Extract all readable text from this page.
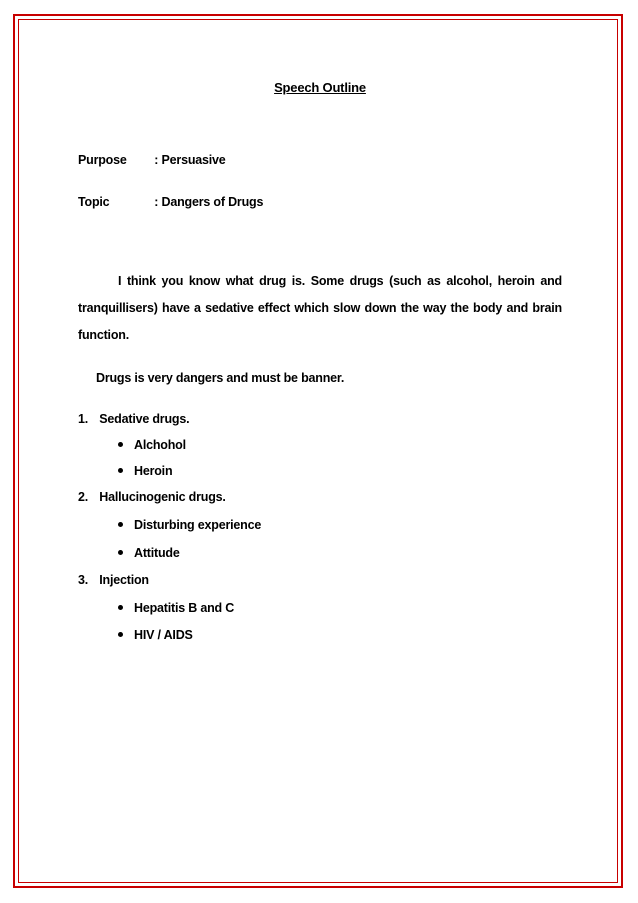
Speech Outline
Purpose : Persuasive
Topic	: Dangers of Drugs

I think you know what drug is. Some drugs (such as alcohol, heroin and tranquillisers) have a sedative effect which slow down the way the body and brain function.

Drugs is very dangers and must be banner.
1. Sedative drugs.
Alchohol
Heroin
2. Hallucinogenic drugs.
Disturbing experience
Attitude
3. Injection
Hepatitis B and C
HIV / AIDS
